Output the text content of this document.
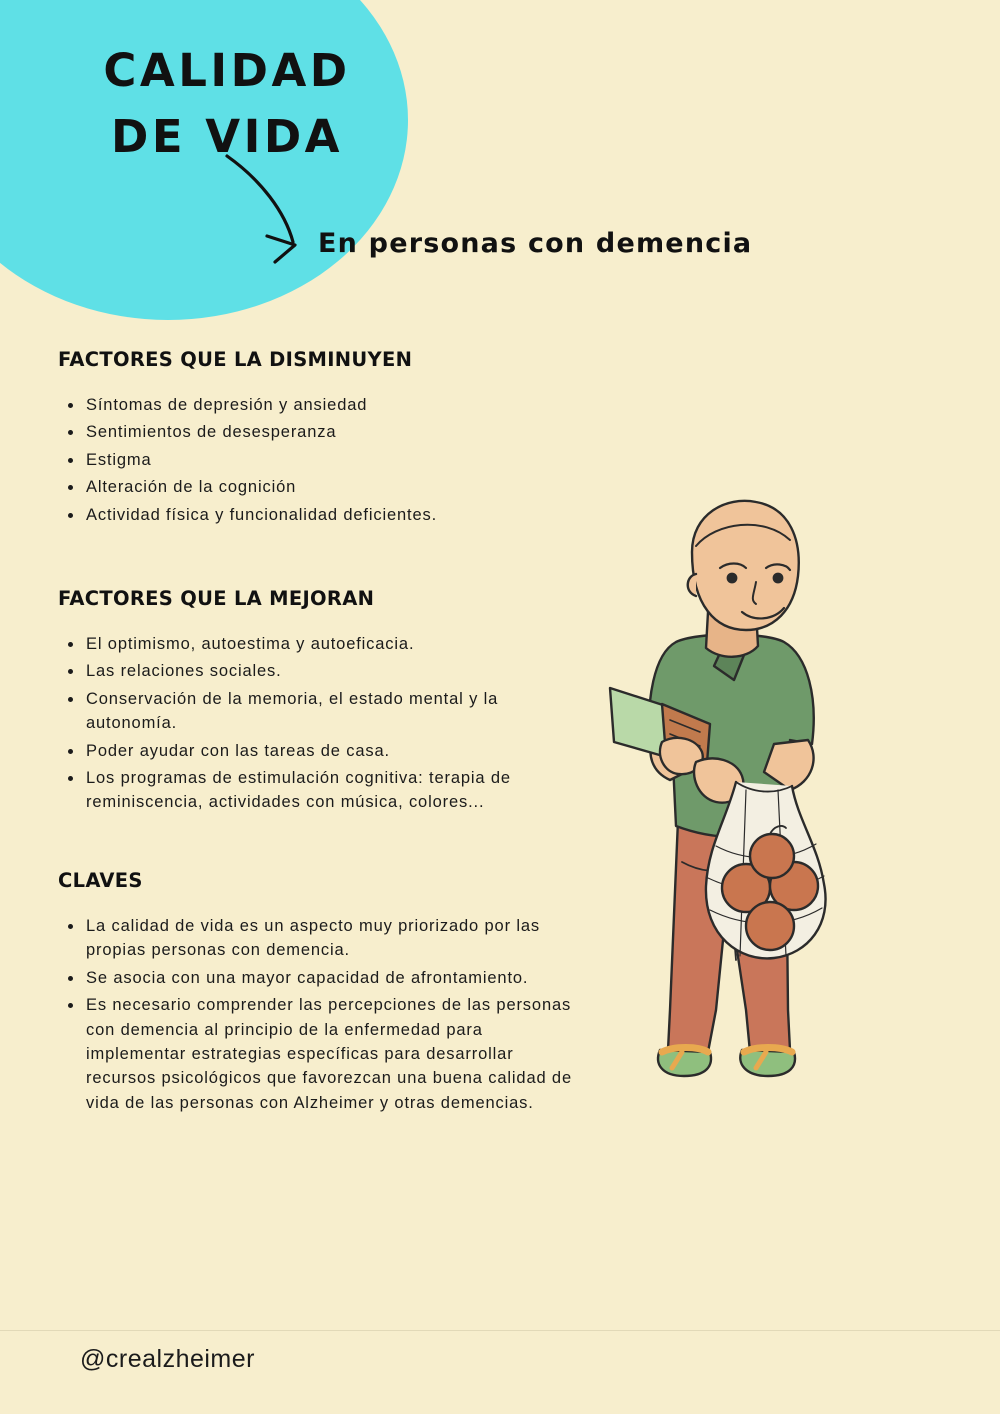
CALIDAD
DE VIDA
En personas con demencia
FACTORES QUE LA DISMINUYEN
Síntomas de depresión y ansiedad
Sentimientos de desesperanza
Estigma
Alteración de la cognición
Actividad física y funcionalidad deficientes.
FACTORES QUE LA MEJORAN
El optimismo, autoestima y autoeficacia.
Las relaciones sociales.
Conservación de la memoria, el estado mental y la autonomía.
Poder ayudar con las tareas de casa.
Los programas de estimulación cognitiva: terapia de reminiscencia, actividades con música, colores...
CLAVES
La calidad de vida es un aspecto muy priorizado por las propias personas con demencia.
Se asocia con una mayor capacidad de afrontamiento.
Es necesario comprender las percepciones de las personas con demencia al principio de la enfermedad para implementar estrategias específicas para desarrollar recursos psicológicos que favorezcan una buena calidad de vida de las personas con Alzheimer y otras demencias.
@crealzheimer
